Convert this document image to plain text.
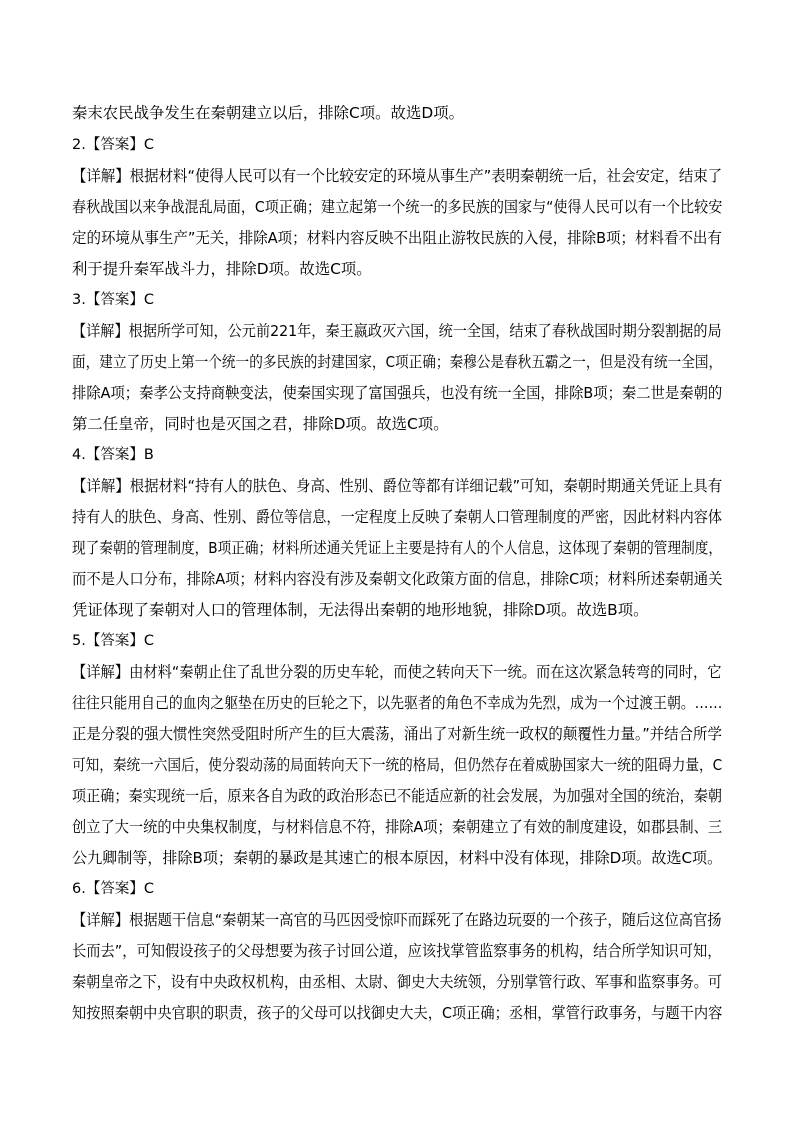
秦末农民战争发生在秦朝建立以后，排除C项。故选D项。
2.【答案】C
【详解】根据材料“使得人民可以有一个比较安定的环境从事生产”表明秦朝统一后，社会安定，结束了
春秋战国以来争战混乱局面，C项正确；建立起第一个统一的多民族的国家与“使得人民可以有一个比较安
定的环境从事生产”无关，排除A项；材料内容反映不出阻止游牧民族的入侵，排除B项；材料看不出有
利于提升秦军战斗力，排除D项。故选C项。
3.【答案】C
【详解】根据所学可知，公元前221年，秦王嬴政灭六国，统一全国，结束了春秋战国时期分裂割据的局
面，建立了历史上第一个统一的多民族的封建国家，C项正确；秦穆公是春秋五霸之一，但是没有统一全国，
排除A项；秦孝公支持商鞅变法，使秦国实现了富国强兵，也没有统一全国，排除B项；秦二世是秦朝的
第二任皇帝，同时也是灭国之君，排除D项。故选C项。
4.【答案】B
【详解】根据材料“持有人的肤色、身高、性别、爵位等都有详细记载”可知，秦朝时期通关凭证上具有
持有人的肤色、身高、性别、爵位等信息，一定程度上反映了秦朝人口管理制度的严密，因此材料内容体
现了秦朝的管理制度，B项正确；材料所述通关凭证上主要是持有人的个人信息，这体现了秦朝的管理制度，
而不是人口分布，排除A项；材料内容没有涉及秦朝文化政策方面的信息，排除C项；材料所述秦朝通关
凭证体现了秦朝对人口的管理体制，无法得出秦朝的地形地貌，排除D项。故选B项。
5.【答案】C
【详解】由材料“秦朝止住了乱世分裂的历史车轮，而使之转向天下一统。而在这次紧急转弯的同时，它
往往只能用自己的血肉之躯垫在历史的巨轮之下，以先驱者的角色不幸成为先烈，成为一个过渡王朝。……
正是分裂的强大惯性突然受阻时所产生的巨大震荡，涌出了对新生统一政权的颠覆性力量。”并结合所学
可知，秦统一六国后，使分裂动荡的局面转向天下一统的格局，但仍然存在着威胁国家大一统的阻碍力量，C
项正确；秦实现统一后，原来各自为政的政治形态已不能适应新的社会发展，为加强对全国的统治，秦朝
创立了大一统的中央集权制度，与材料信息不符，排除A项；秦朝建立了有效的制度建设，如郡县制、三
公九卿制等，排除B项；秦朝的暴政是其速亡的根本原因，材料中没有体现，排除D项。故选C项。
6.【答案】C
【详解】根据题干信息“秦朝某一高官的马匹因受惊吓而踩死了在路边玩耍的一个孩子，随后这位高官扬
长而去”，可知假设孩子的父母想要为孩子讨回公道，应该找掌管监察事务的机构，结合所学知识可知，
秦朝皇帝之下，设有中央政权机构，由丞相、太尉、御史大夫统领，分别掌管行政、军事和监察事务。可
知按照秦朝中央官职的职责，孩子的父母可以找御史大夫，C项正确；丞相，掌管行政事务，与题干内容
